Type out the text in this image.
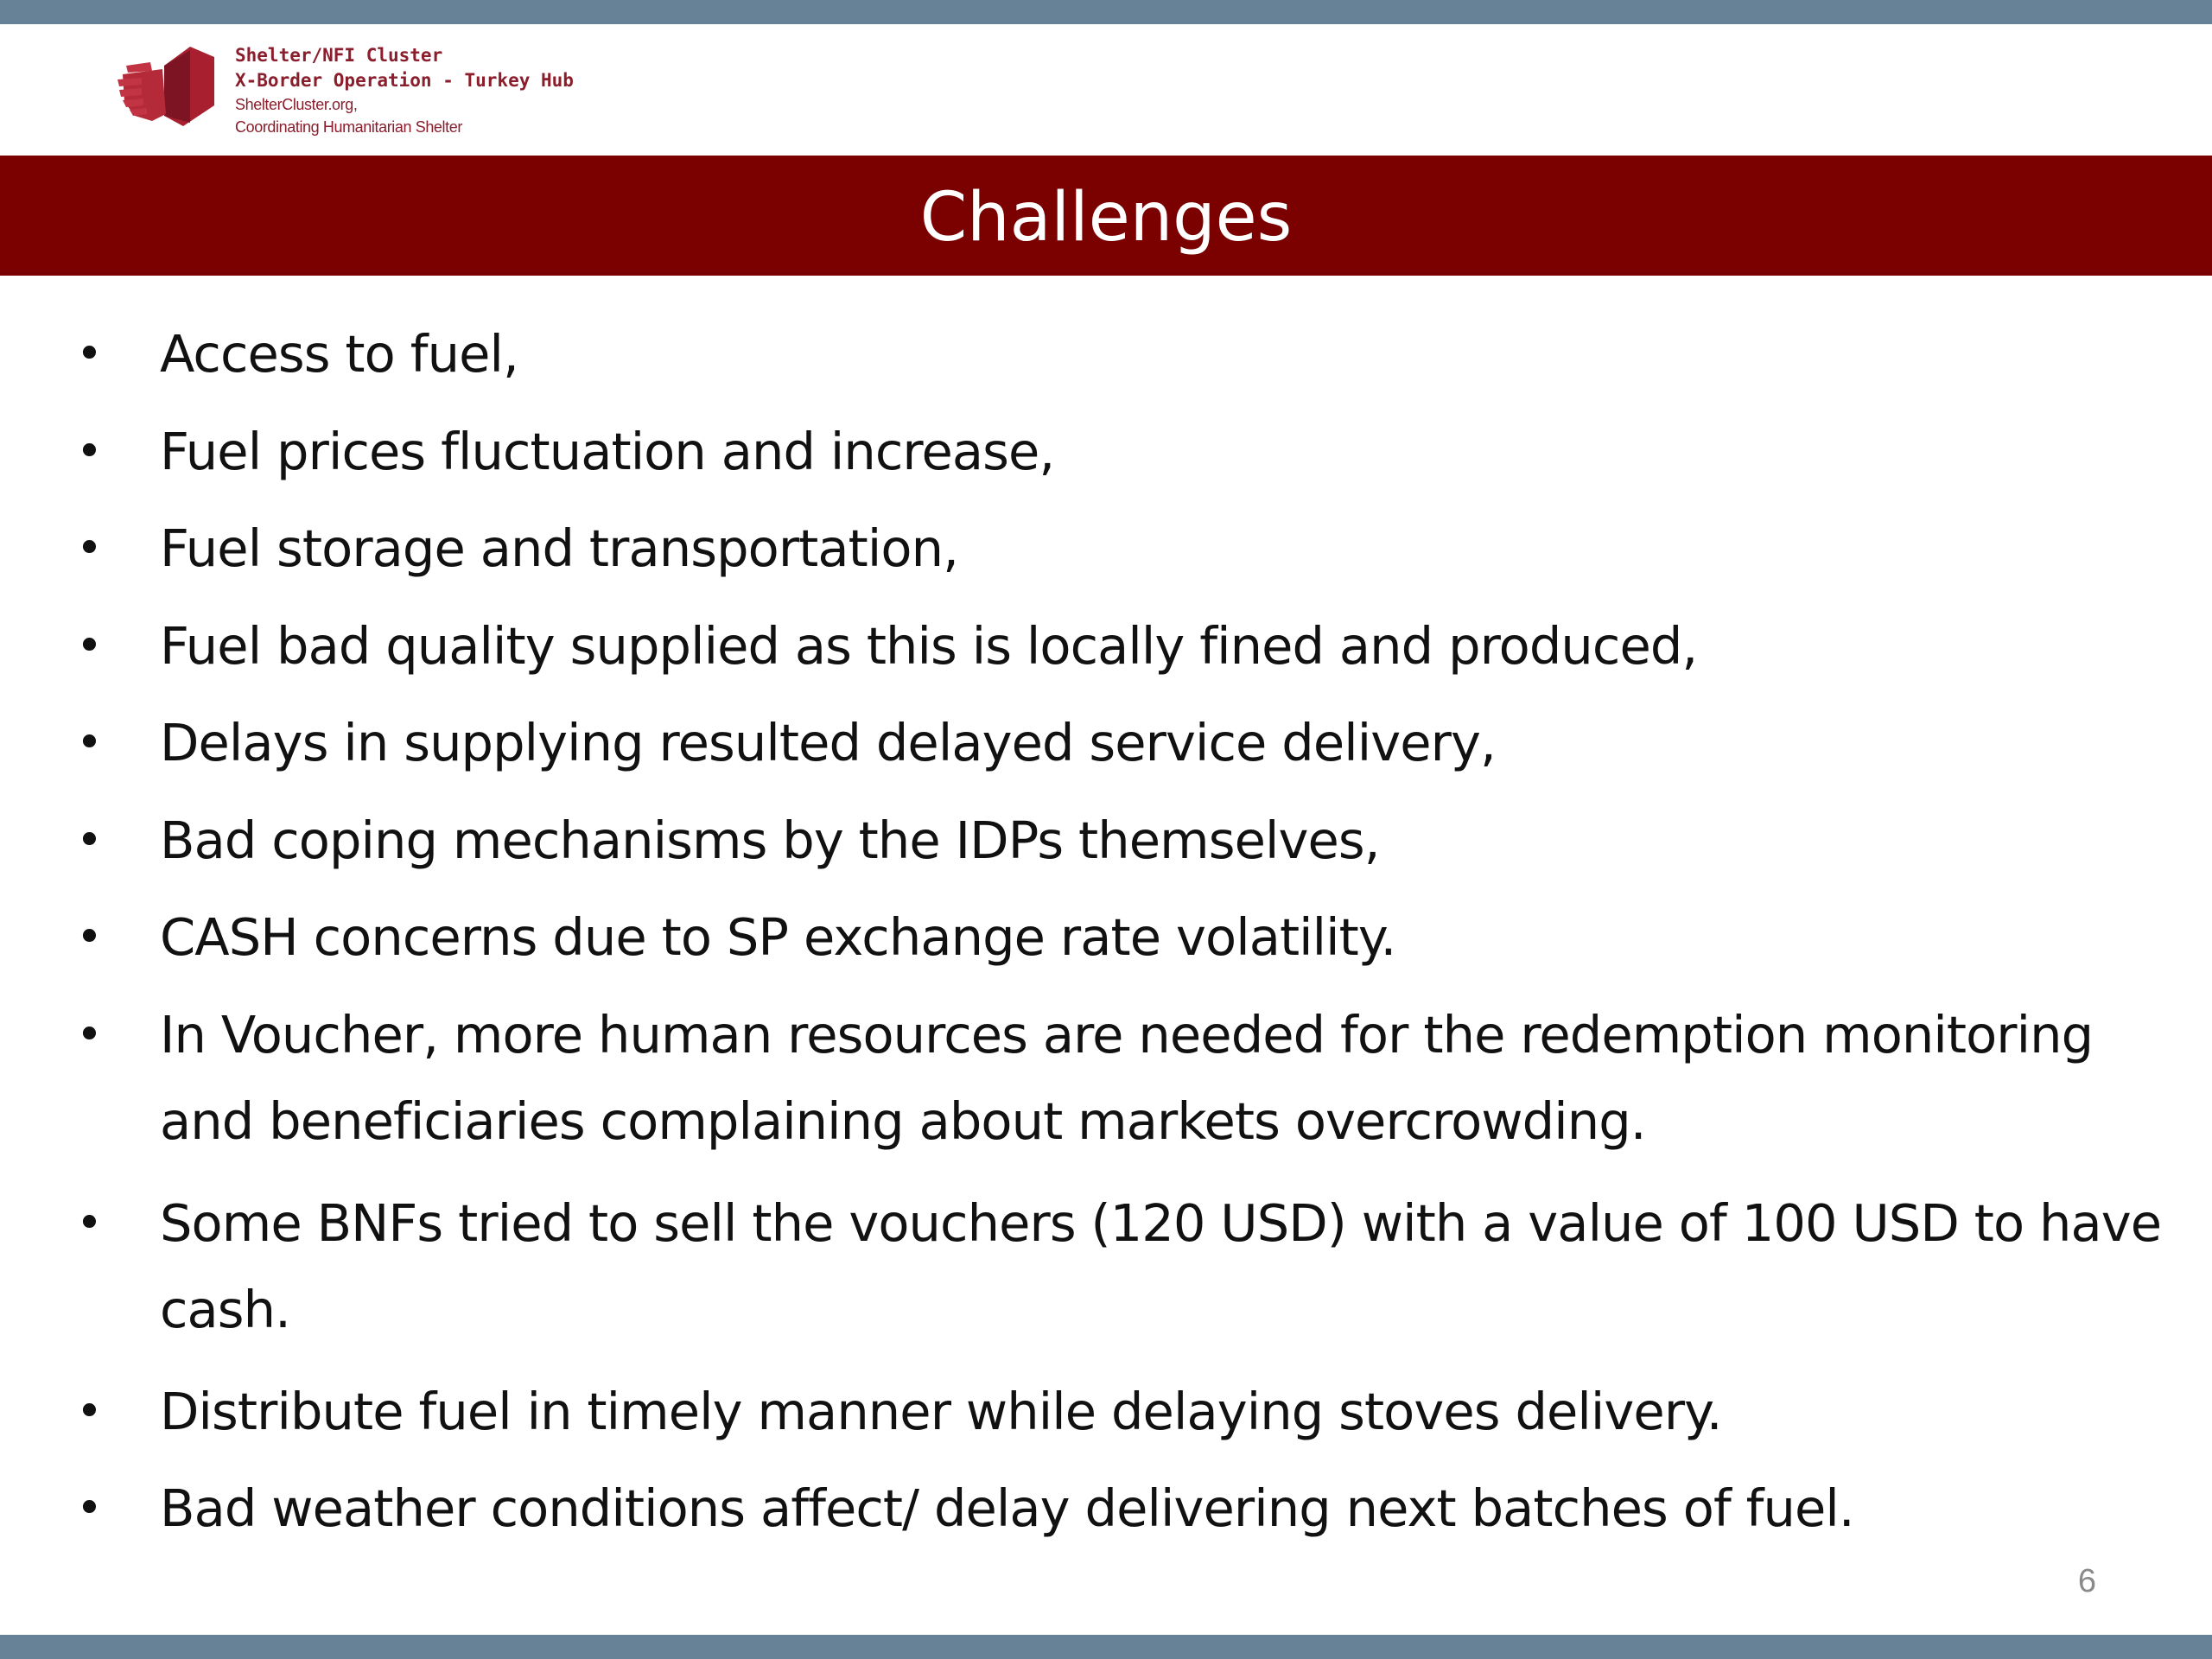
Shelter/NFI Cluster
X-Border Operation - Turkey Hub
ShelterCluster.org,
Coordinating Humanitarian Shelter
Challenges
• Access to fuel,
• Fuel prices fluctuation and increase,
• Fuel storage and transportation,
• Fuel bad quality supplied as this is locally fined and produced,
• Delays in supplying resulted delayed service delivery,
• Bad coping mechanisms by the IDPs themselves,
• CASH concerns due to SP exchange rate volatility.
• In Voucher, more human resources are needed for the redemption monitoring and beneficiaries complaining about markets overcrowding.
• Some BNFs tried to sell the vouchers (120 USD) with a value of 100 USD to have cash.
• Distribute fuel in timely manner while delaying stoves delivery.
• Bad weather conditions affect/ delay delivering next batches of fuel.
6
